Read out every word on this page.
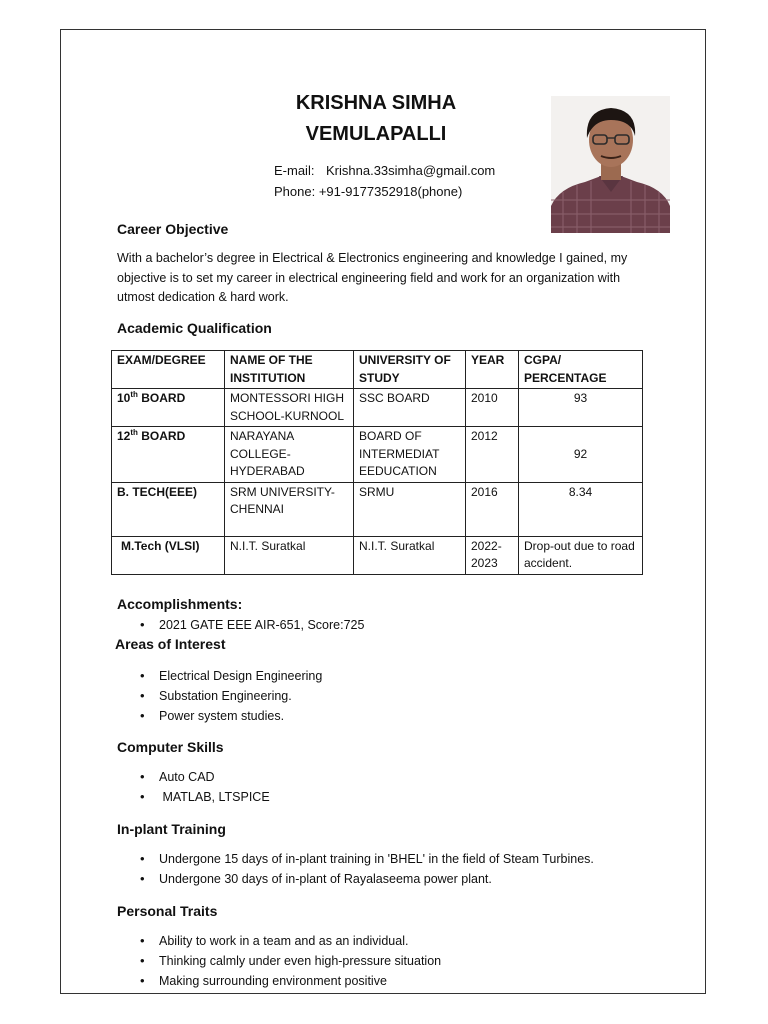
KRISHNA SIMHA
VEMULAPALLI
E-mail: Krishna.33simha@gmail.com
Phone: +91-9177352918(phone)
Career Objective
With a bachelor’s degree in Electrical & Electronics engineering and knowledge I gained, my objective is to set my career in electrical engineering field and work for an organization with utmost dedication & hard work.
Academic Qualification
EXAM/DEGREE	NAME OF THE INSTITUTION	UNIVERSITY OF STUDY	YEAR	CGPA/ PERCENTAGE
10th BOARD	MONTESSORI HIGH SCHOOL-KURNOOL	SSC BOARD	2010	93
12th BOARD	NARAYANA COLLEGE-HYDERABAD	BOARD OF INTERMEDIAT EEDUCATION	2012	92
B. TECH(EEE)	SRM UNIVERSITY-CHENNAI	SRMU	2016	8.34
M.Tech (VLSI)	N.I.T. Suratkal	N.I.T. Suratkal	2022-2023	Drop-out due to road accident.
Accomplishments:
• 2021 GATE EEE AIR-651, Score:725
Areas of Interest
• Electrical Design Engineering
• Substation Engineering.
• Power system studies.
Computer Skills
• Auto CAD
•  MATLAB, LTSPICE
In-plant Training
• Undergone 15 days of in-plant training in 'BHEL' in the field of Steam Turbines.
• Undergone 30 days of in-plant of Rayalaseema power plant.
Personal Traits
• Ability to work in a team and as an individual.
• Thinking calmly under even high-pressure situation
• Making surrounding environment positive
